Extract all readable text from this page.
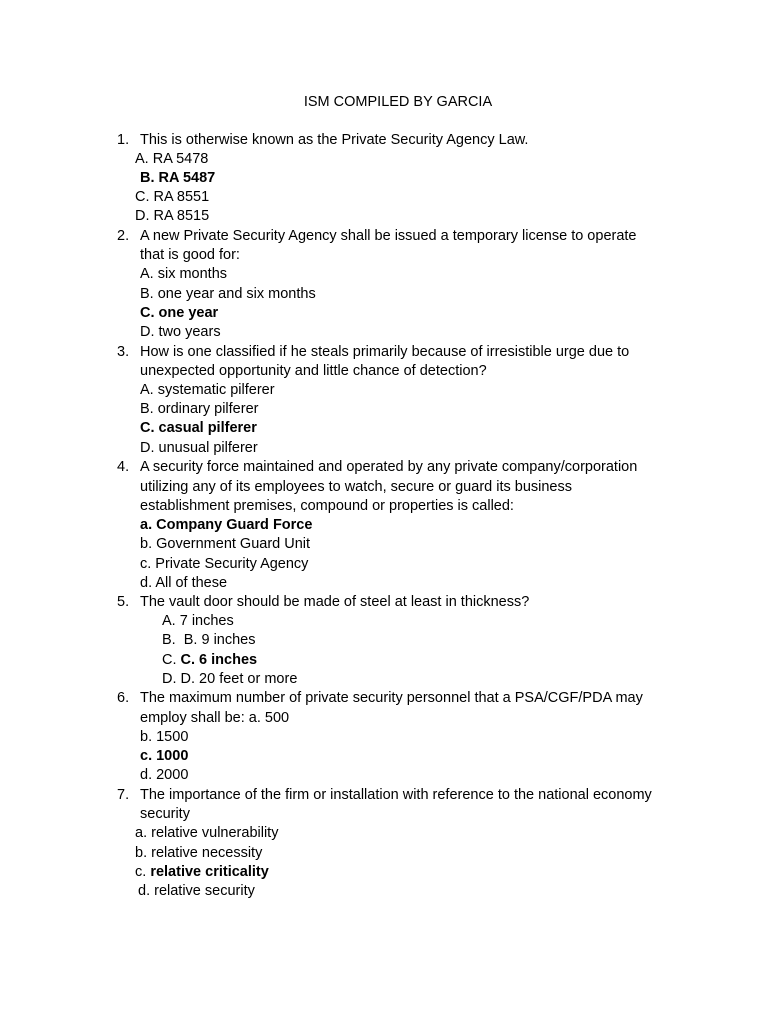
ISM COMPILED BY GARCIA
1. This is otherwise known as the Private Security Agency Law.
A. RA 5478
B. RA 5487
C. RA 8551
D. RA 8515
2. A new Private Security Agency shall be issued a temporary license to operate
that is good for:
A. six months
B. one year and six months
C. one year
D. two years
3. How is one classified if he steals primarily because of irresistible urge due to
unexpected opportunity and little chance of detection?
A. systematic pilferer
B. ordinary pilferer
C. casual pilferer
D. unusual pilferer
4. A security force maintained and operated by any private company/corporation
utilizing any of its employees to watch, secure or guard its business
establishment premises, compound or properties is called:
a. Company Guard Force
b. Government Guard Unit
c. Private Security Agency
d. All of these
5. The vault door should be made of steel at least in thickness?
A. 7 inches
B.  B. 9 inches
C. C. 6 inches
D. D. 20 feet or more
6. The maximum number of private security personnel that a PSA/CGF/PDA may
employ shall be: a. 500
b. 1500
c. 1000
d. 2000
7. The importance of the firm or installation with reference to the national economy
security
a. relative vulnerability
b. relative necessity
c. relative criticality
d. relative security
